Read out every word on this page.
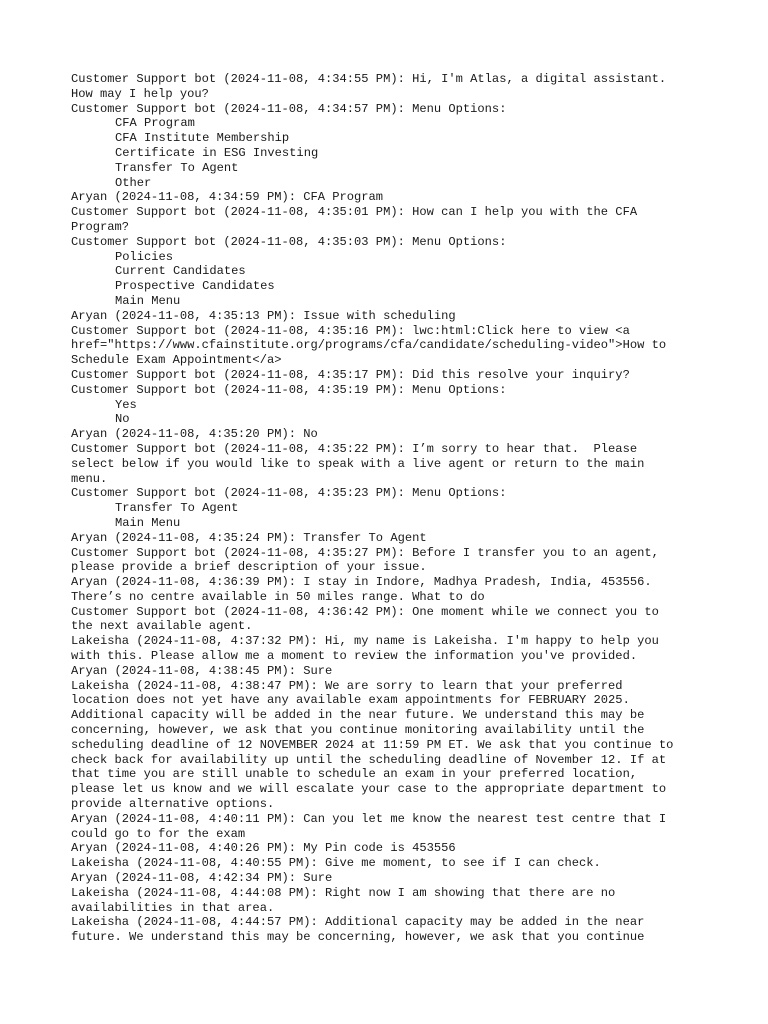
Customer Support bot (2024-11-08, 4:34:55 PM): Hi, I'm Atlas, a digital assistant.
How may I help you?
Customer Support bot (2024-11-08, 4:34:57 PM): Menu Options:
CFA Program
CFA Institute Membership
Certificate in ESG Investing
Transfer To Agent
Other
Aryan (2024-11-08, 4:34:59 PM): CFA Program
Customer Support bot (2024-11-08, 4:35:01 PM): How can I help you with the CFA
Program?
Customer Support bot (2024-11-08, 4:35:03 PM): Menu Options:
Policies
Current Candidates
Prospective Candidates
Main Menu
Aryan (2024-11-08, 4:35:13 PM): Issue with scheduling
Customer Support bot (2024-11-08, 4:35:16 PM): lwc:html:Click here to view <a
href="https://www.cfainstitute.org/programs/cfa/candidate/scheduling-video">How to
Schedule Exam Appointment</a>
Customer Support bot (2024-11-08, 4:35:17 PM): Did this resolve your inquiry?
Customer Support bot (2024-11-08, 4:35:19 PM): Menu Options:
Yes
No
Aryan (2024-11-08, 4:35:20 PM): No
Customer Support bot (2024-11-08, 4:35:22 PM): I’m sorry to hear that.  Please
select below if you would like to speak with a live agent or return to the main
menu.
Customer Support bot (2024-11-08, 4:35:23 PM): Menu Options:
Transfer To Agent
Main Menu
Aryan (2024-11-08, 4:35:24 PM): Transfer To Agent
Customer Support bot (2024-11-08, 4:35:27 PM): Before I transfer you to an agent,
please provide a brief description of your issue.
Aryan (2024-11-08, 4:36:39 PM): I stay in Indore, Madhya Pradesh, India, 453556.
There’s no centre available in 50 miles range. What to do
Customer Support bot (2024-11-08, 4:36:42 PM): One moment while we connect you to
the next available agent.
Lakeisha (2024-11-08, 4:37:32 PM): Hi, my name is Lakeisha. I'm happy to help you
with this. Please allow me a moment to review the information you've provided.
Aryan (2024-11-08, 4:38:45 PM): Sure
Lakeisha (2024-11-08, 4:38:47 PM): We are sorry to learn that your preferred
location does not yet have any available exam appointments for FEBRUARY 2025.
Additional capacity will be added in the near future. We understand this may be
concerning, however, we ask that you continue monitoring availability until the
scheduling deadline of 12 NOVEMBER 2024 at 11:59 PM ET. We ask that you continue to
check back for availability up until the scheduling deadline of November 12. If at
that time you are still unable to schedule an exam in your preferred location,
please let us know and we will escalate your case to the appropriate department to
provide alternative options.
Aryan (2024-11-08, 4:40:11 PM): Can you let me know the nearest test centre that I
could go to for the exam
Aryan (2024-11-08, 4:40:26 PM): My Pin code is 453556
Lakeisha (2024-11-08, 4:40:55 PM): Give me moment, to see if I can check.
Aryan (2024-11-08, 4:42:34 PM): Sure
Lakeisha (2024-11-08, 4:44:08 PM): Right now I am showing that there are no
availabilities in that area.
Lakeisha (2024-11-08, 4:44:57 PM): Additional capacity may be added in the near
future. We understand this may be concerning, however, we ask that you continue
